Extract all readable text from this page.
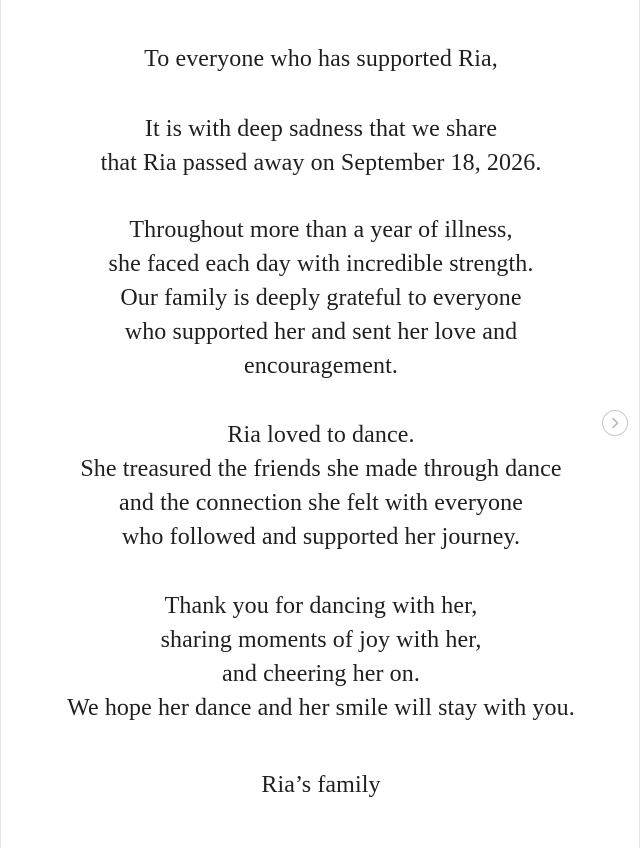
To everyone who has supported Ria,
It is with deep sadness that we share
that Ria passed away on September 18, 2026.
Throughout more than a year of illness,
she faced each day with incredible strength.
Our family is deeply grateful to everyone
who supported her and sent her love and
encouragement.
Ria loved to dance.
She treasured the friends she made through dance
and the connection she felt with everyone
who followed and supported her journey.
Thank you for dancing with her,
sharing moments of joy with her,
and cheering her on.
We hope her dance and her smile will stay with you.
Ria’s family
